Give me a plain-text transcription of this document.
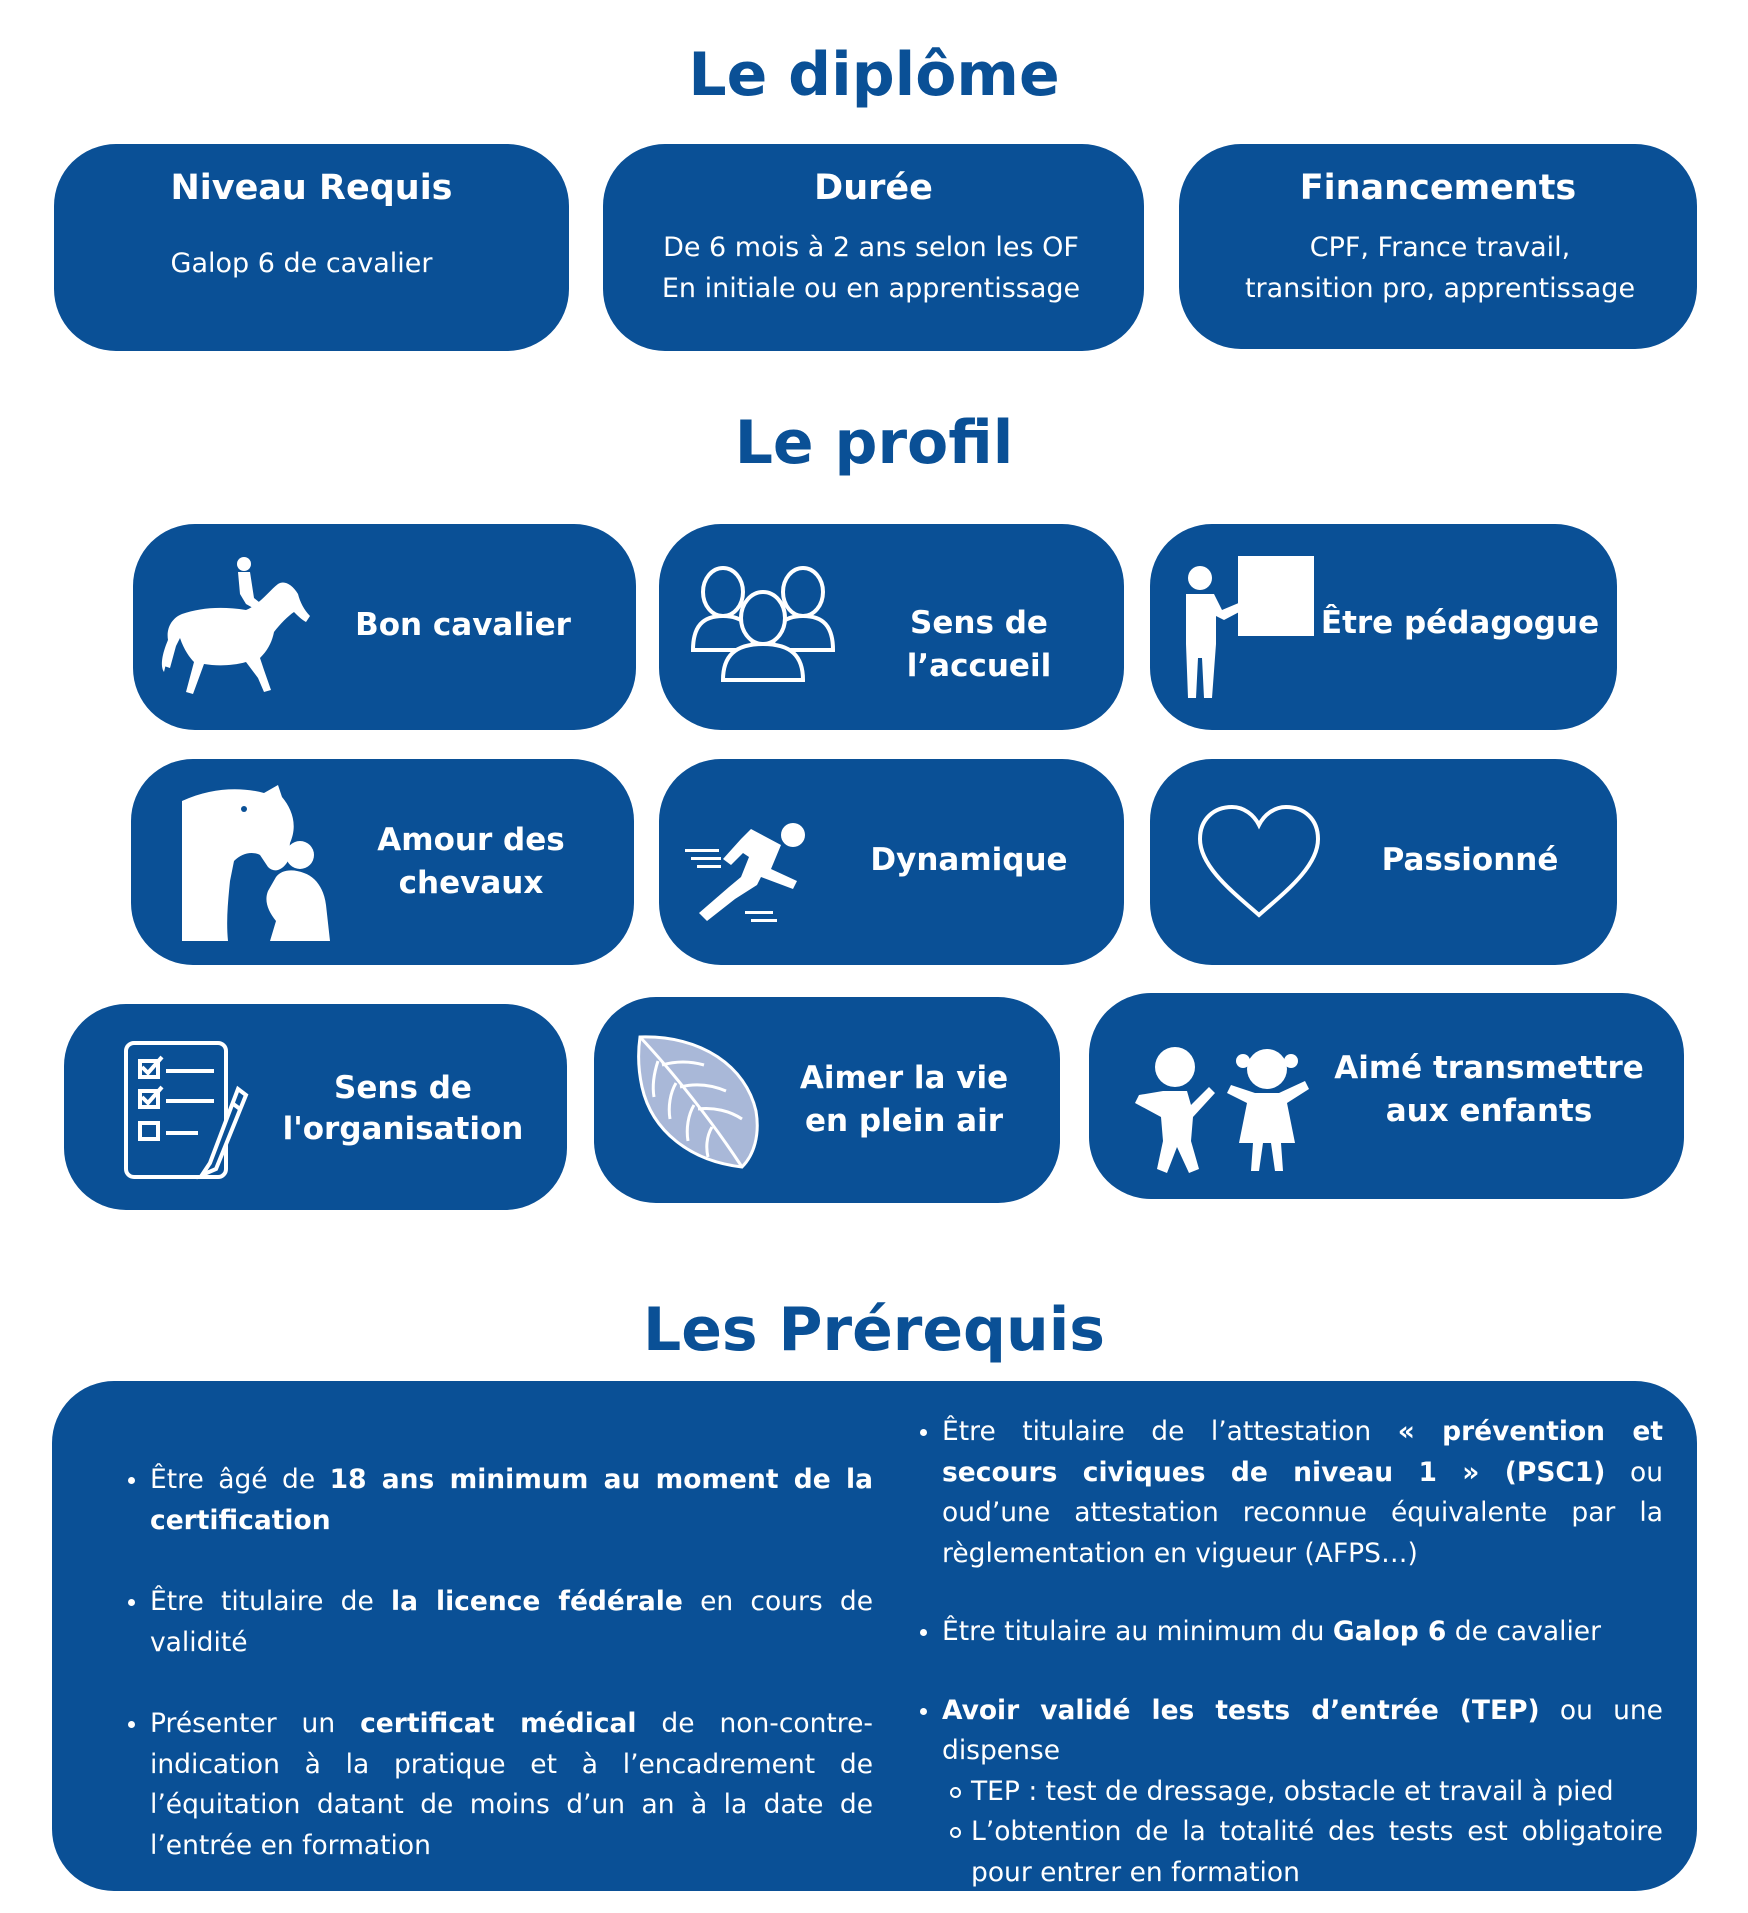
Le diplôme
Niveau Requis
Galop 6 de cavalier
Durée
De 6 mois à 2 ans selon les OF
En initiale ou en apprentissage
Financements
CPF, France travail,
transition pro, apprentissage
Le profil
Bon cavalier	Sens de l’accueil
Être pédagogue
Amour des
chevaux
Dynamique	Passionné
Sens de
l'organisation
Aimer la vie
en plein air
Aimé transmettre
aux enfants
Les Prérequis
Être âgé de 18 ans minimum au moment de la certification
Être titulaire de la licence fédérale en cours de validité
Présenter un certificat médical de non-contre-indication à la pratique et à l’encadrement de l’équitation datant de moins d’un an à la date de l’entrée en formation
Être titulaire de l’attestation « prévention et secours civiques de niveau 1 » (PSC1) ou oud’une attestation reconnue équivalente par la règlementation en vigueur (AFPS…)
Être titulaire au minimum du Galop 6 de cavalier
Avoir validé les tests d’entrée (TEP) ou une dispense
TEP : test de dressage, obstacle et travail à pied
L’obtention de la totalité des tests est obligatoire pour entrer en formation
